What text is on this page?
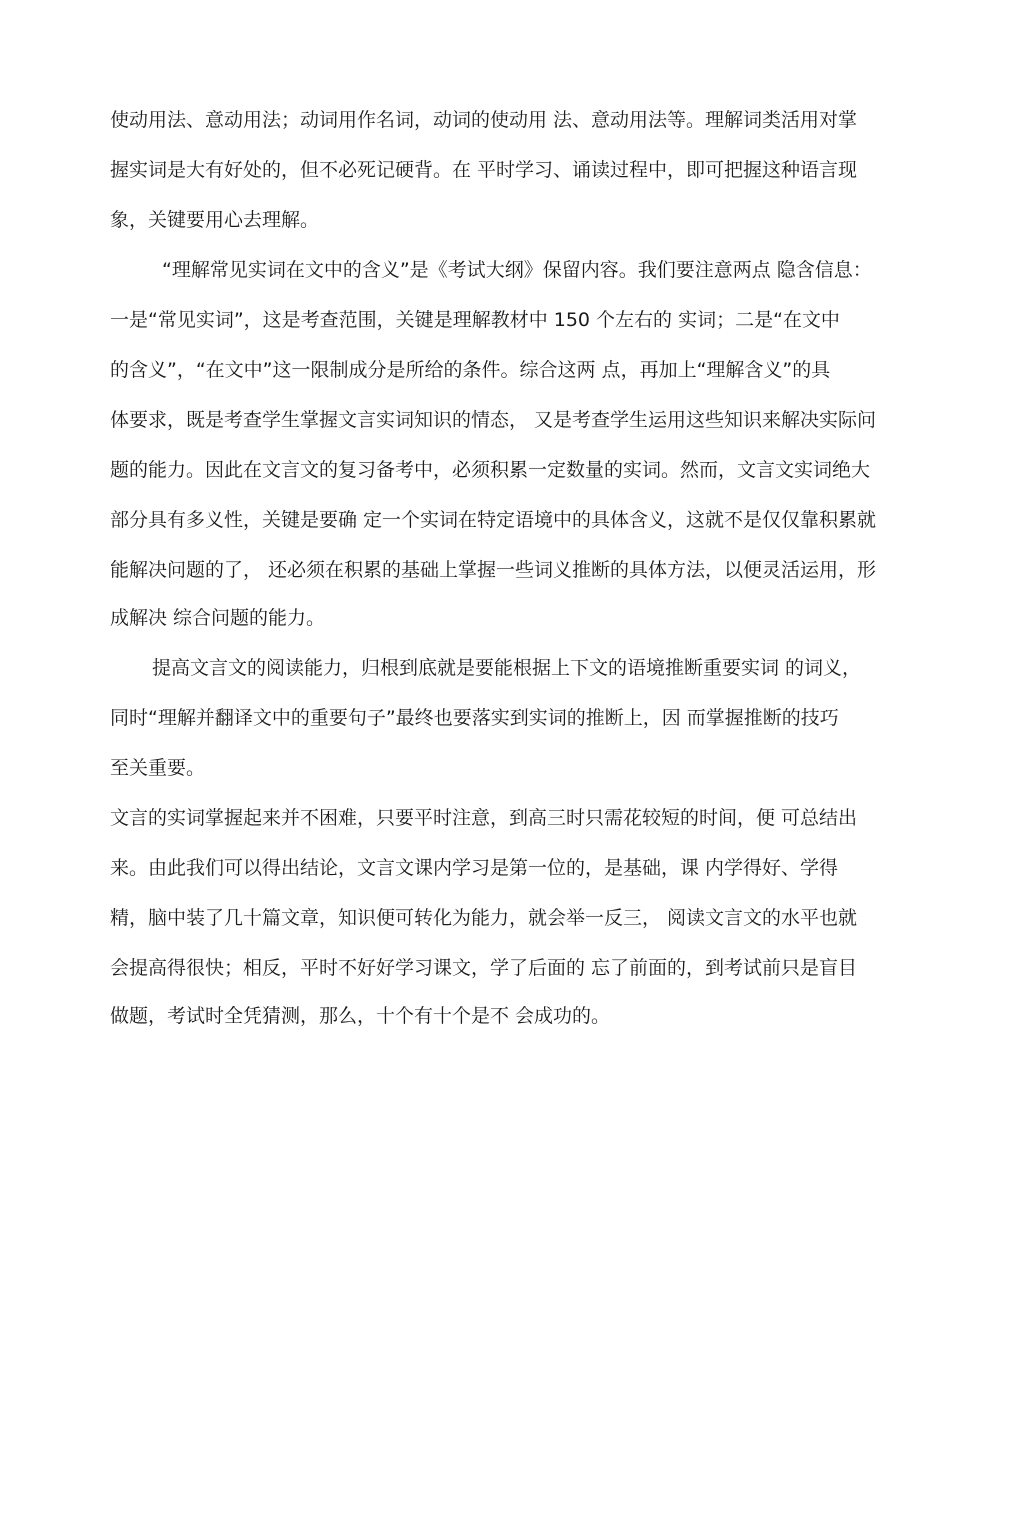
使动用法、意动用法；动词用作名词，动词的使动用 法、意动用法等。理解词类活用对掌
握实词是大有好处的，但不必死记硬背。在 平时学习、诵读过程中，即可把握这种语言现
象，关键要用心去理解。
“理解常见实词在文中的含义”是《考试大纲》保留内容。我们要注意两点 隐含信息：
一是“常见实词”，这是考查范围，关键是理解教材中 150 个左右的 实词；二是“在文中
的含义”，“在文中”这一限制成分是所给的条件。综合这两 点，再加上“理解含义”的具
体要求，既是考查学生掌握文言实词知识的情态， 又是考查学生运用这些知识来解决实际问
题的能力。因此在文言文的复习备考中，必须积累一定数量的实词。然而，文言文实词绝大
部分具有多义性，关键是要确 定一个实词在特定语境中的具体含义，这就不是仅仅靠积累就
能解决问题的了， 还必须在积累的基础上掌握一些词义推断的具体方法，以便灵活运用，形
成解决 综合问题的能力。
提高文言文的阅读能力，归根到底就是要能根据上下文的语境推断重要实词 的词义，
同时“理解并翻译文中的重要句子”最终也要落实到实词的推断上，因 而掌握推断的技巧
至关重要。
文言的实词掌握起来并不困难，只要平时注意，到高三时只需花较短的时间，便 可总结出
来。由此我们可以得出结论，文言文课内学习是第一位的，是基础，课 内学得好、学得
精，脑中装了几十篇文章，知识便可转化为能力，就会举一反三， 阅读文言文的水平也就
会提高得很快；相反，平时不好好学习课文，学了后面的 忘了前面的，到考试前只是盲目
做题，考试时全凭猜测，那么，十个有十个是不 会成功的。
